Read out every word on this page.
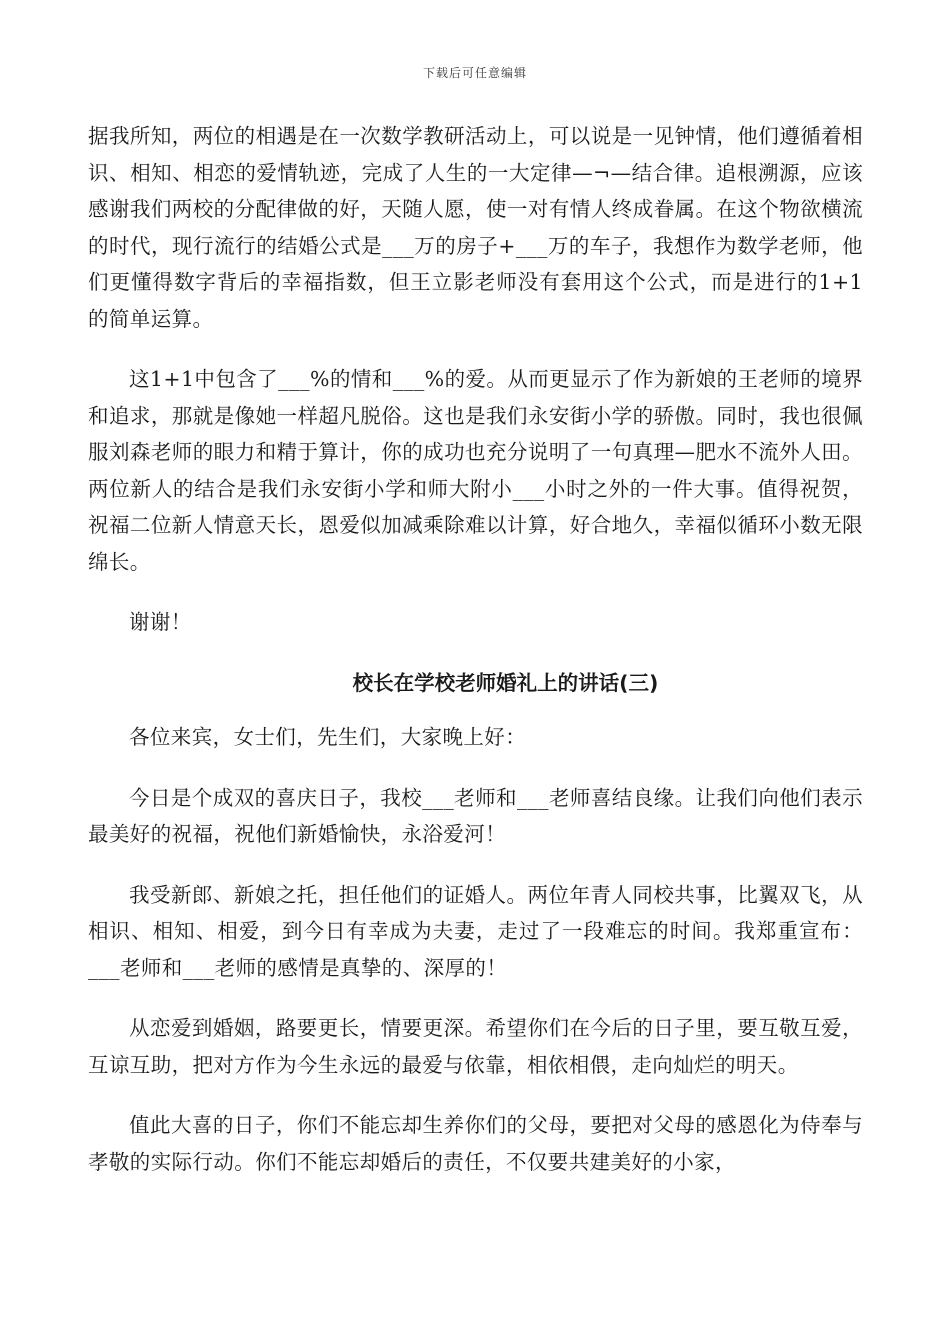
下载后可任意编辑

据我所知，两位的相遇是在一次数学教研活动上，可以说是一见钟情，他们遵循着相识、相知、相恋的爱情轨迹，完成了人生的一大定律—¬—结合律。追根溯源，应该感谢我们两校的分配律做的好，天随人愿，使一对有情人终成眷属。在这个物欲横流的时代，现行流行的结婚公式是___万的房子+___万的车子，我想作为数学老师，他们更懂得数字背后的幸福指数，但王立影老师没有套用这个公式，而是进行的1+1的简单运算。

这1+1中包含了___%的情和___%的爱。从而更显示了作为新娘的王老师的境界和追求，那就是像她一样超凡脱俗。这也是我们永安街小学的骄傲。同时，我也很佩服刘森老师的眼力和精于算计，你的成功也充分说明了一句真理—肥水不流外人田。两位新人的结合是我们永安街小学和师大附小___小时之外的一件大事。值得祝贺，祝福二位新人情意天长，恩爱似加减乘除难以计算，好合地久，幸福似循环小数无限绵长。

谢谢！

校长在学校老师婚礼上的讲话(三)

各位来宾，女士们，先生们，大家晚上好：

今日是个成双的喜庆日子，我校___老师和___老师喜结良缘。让我们向他们表示最美好的祝福，祝他们新婚愉快，永浴爱河！

我受新郎、新娘之托，担任他们的证婚人。两位年青人同校共事，比翼双飞，从相识、相知、相爱，到今日有幸成为夫妻，走过了一段难忘的时间。我郑重宣布：___老师和___老师的感情是真挚的、深厚的！

从恋爱到婚姻，路要更长，情要更深。希望你们在今后的日子里，要互敬互爱，互谅互助，把对方作为今生永远的最爱与依靠，相依相偎，走向灿烂的明天。

值此大喜的日子，你们不能忘却生养你们的父母，要把对父母的感恩化为侍奉与孝敬的实际行动。你们不能忘却婚后的责任，不仅要共建美好的小家，
